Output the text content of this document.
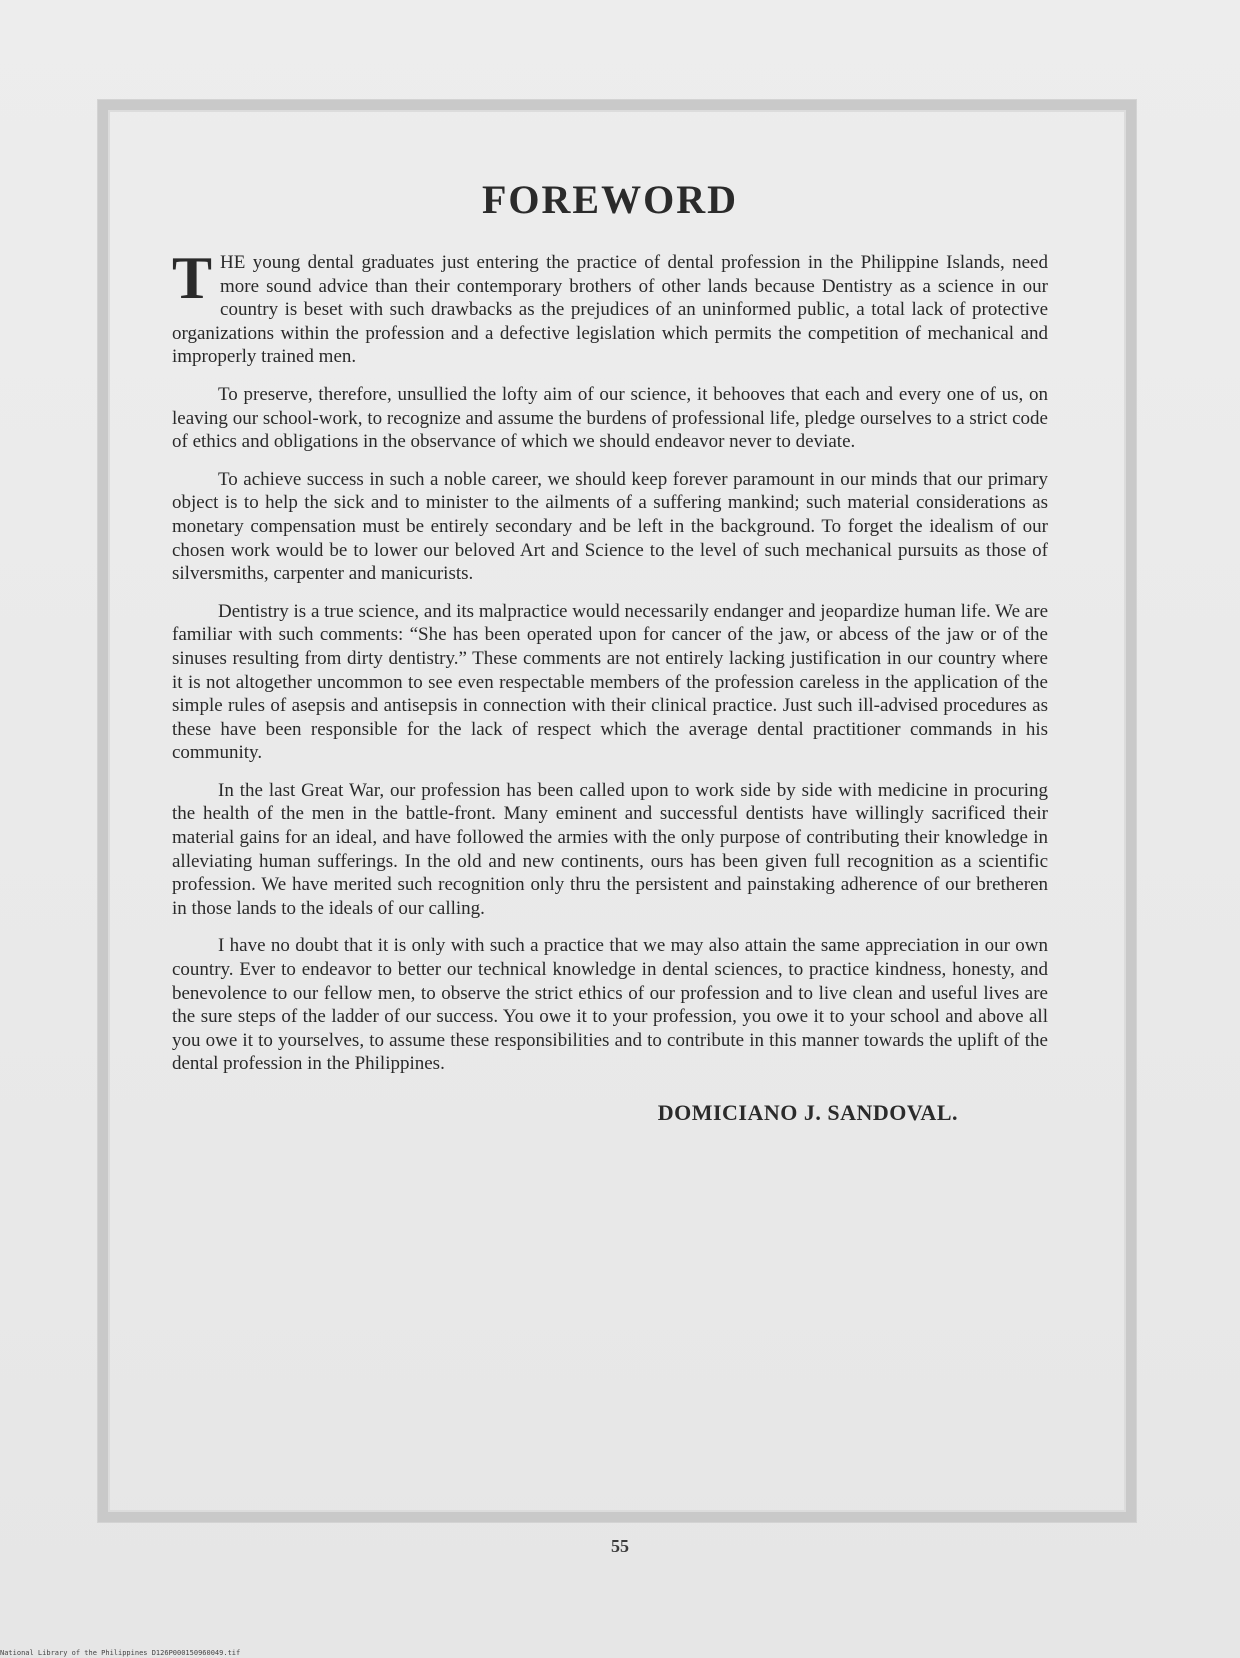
FOREWORD

THE young dental graduates just entering the practice of dental profession in the Philippine Islands, need more sound advice than their contemporary brothers of other lands because Dentistry as a science in our country is beset with such drawbacks as the prejudices of an uninformed public, a total lack of protective organizations within the profession and a defective legislation which permits the competition of mechanical and improperly trained men.

To preserve, therefore, unsullied the lofty aim of our science, it behooves that each and every one of us, on leaving our school-work, to recognize and assume the burdens of professional life, pledge ourselves to a strict code of ethics and obligations in the observance of which we should endeavor never to deviate.

To achieve success in such a noble career, we should keep forever paramount in our minds that our primary object is to help the sick and to minister to the ailments of a suffering mankind; such material considerations as monetary compensation must be entirely secondary and be left in the background. To forget the idealism of our chosen work would be to lower our beloved Art and Science to the level of such mechanical pursuits as those of silversmiths, carpenter and manicurists.

Dentistry is a true science, and its malpractice would necessarily endanger and jeopardize human life. We are familiar with such comments: “She has been operated upon for cancer of the jaw, or abcess of the jaw or of the sinuses resulting from dirty dentistry.” These comments are not entirely lacking justification in our country where it is not altogether uncommon to see even respectable members of the profession careless in the application of the simple rules of asepsis and antisepsis in connection with their clinical practice. Just such ill-advised procedures as these have been responsible for the lack of respect which the average dental practitioner commands in his community.

In the last Great War, our profession has been called upon to work side by side with medicine in procuring the health of the men in the battle-front. Many eminent and successful dentists have willingly sacrificed their material gains for an ideal, and have followed the armies with the only purpose of contributing their knowledge in alleviating human sufferings. In the old and new continents, ours has been given full recognition as a scientific profession. We have merited such recognition only thru the persistent and painstaking adherence of our bretheren in those lands to the ideals of our calling.

I have no doubt that it is only with such a practice that we may also attain the same appreciation in our own country. Ever to endeavor to better our technical knowledge in dental sciences, to practice kindness, honesty, and benevolence to our fellow men, to observe the strict ethics of our profession and to live clean and useful lives are the sure steps of the ladder of our success. You owe it to your profession, you owe it to your school and above all you owe it to yourselves, to assume these responsibilities and to contribute in this manner towards the uplift of the dental profession in the Philippines.

DOMICIANO J. SANDOVAL.
55
National Library of the Philippines D126P000150960049.tif
